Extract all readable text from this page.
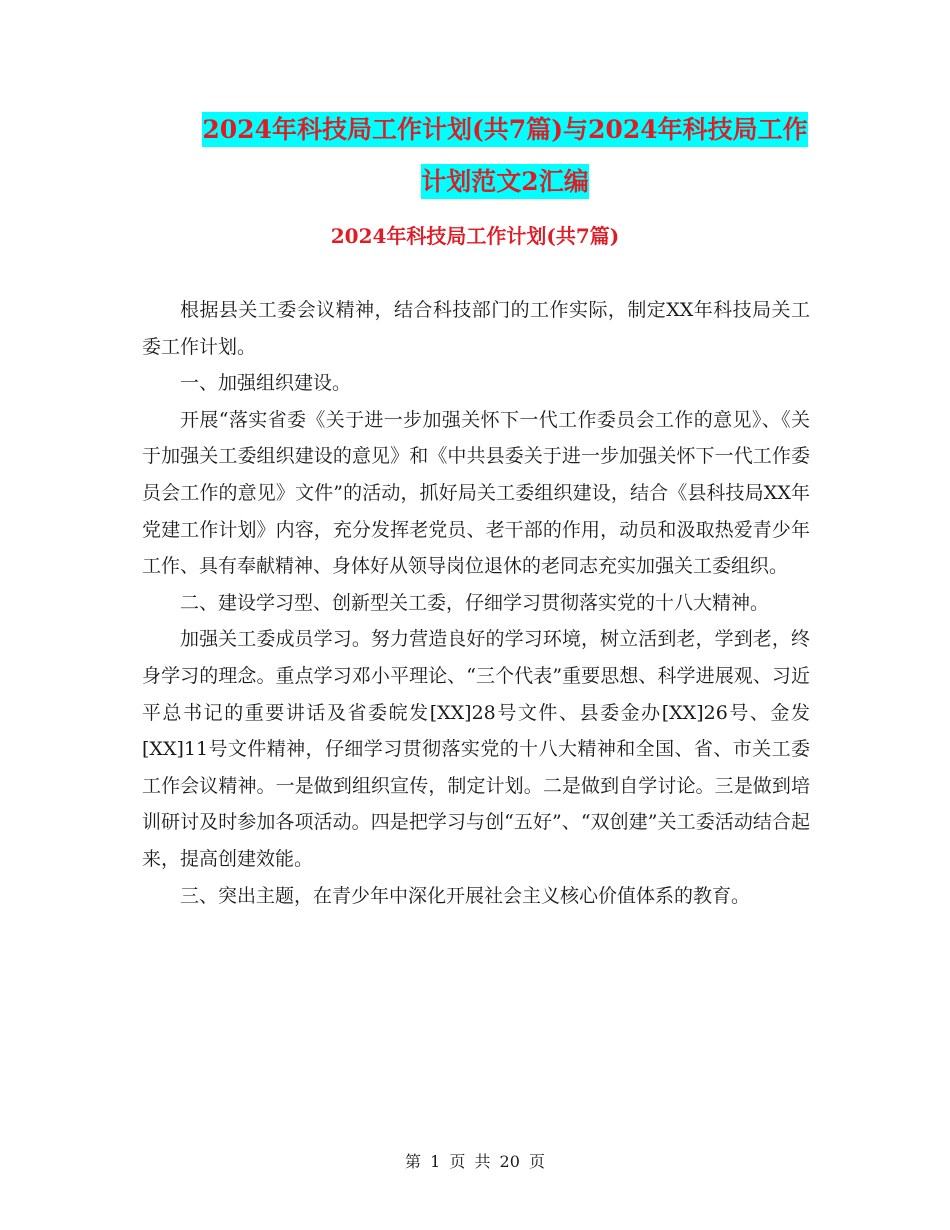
2024年科技局工作计划(共7篇)与2024年科技局工作
计划范文2汇编
2024年科技局工作计划(共7篇)

根据县关工委会议精神，结合科技部门的工作实际，制定XX年科技局关工委工作计划。

一、加强组织建设。

开展“落实省委《关于进一步加强关怀下一代工作委员会工作的意见》、《关于加强关工委组织建设的意见》和《中共县委关于进一步加强关怀下一代工作委员会工作的意见》文件”的活动，抓好局关工委组织建设，结合《县科技局XX年党建工作计划》内容，充分发挥老党员、老干部的作用，动员和汲取热爱青少年工作、具有奉献精神、身体好从领导岗位退休的老同志充实加强关工委组织。

二、建设学习型、创新型关工委，仔细学习贯彻落实党的十八大精神。

加强关工委成员学习。努力营造良好的学习环境，树立活到老，学到老，终身学习的理念。重点学习邓小平理论、“三个代表”重要思想、科学进展观、习近平总书记的重要讲话及省委皖发[XX]28号文件、县委金办[XX]26号、金发[XX]11号文件精神，仔细学习贯彻落实党的十八大精神和全国、省、市关工委工作会议精神。一是做到组织宣传，制定计划。二是做到自学讨论。三是做到培训研讨及时参加各项活动。四是把学习与创“五好”、“双创建”关工委活动结合起来，提高创建效能。

三、突出主题，在青少年中深化开展社会主义核心价值体系的教育。

第 1 页 共 20 页
